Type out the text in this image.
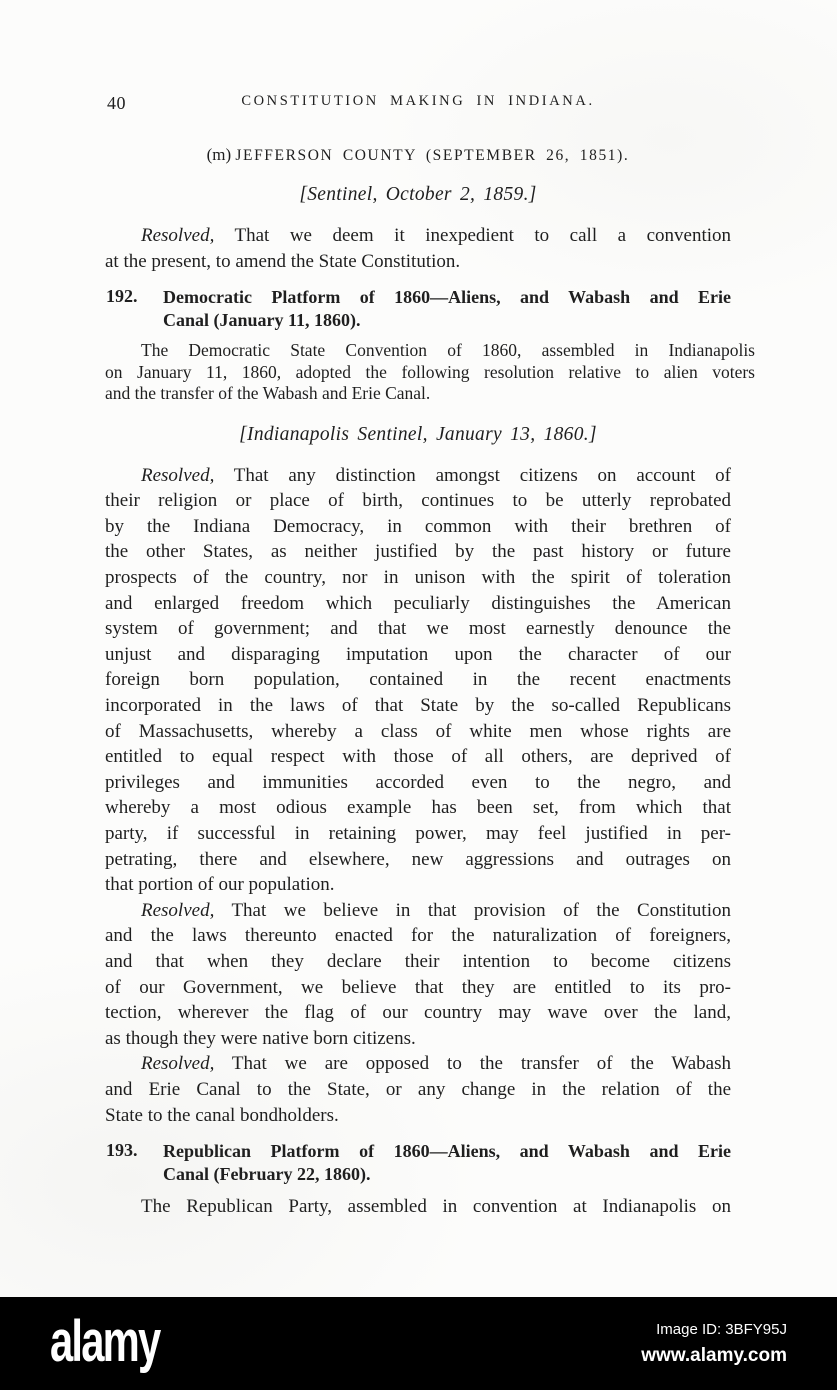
40	CONSTITUTION MAKING IN INDIANA.
(m) JEFFERSON COUNTY (SEPTEMBER 26, 1851).
[Sentinel, October 2, 1859.]
Resolved, That we deem it inexpedient to call a convention
at the present, to amend the State Constitution.
192. Democratic Platform of 1860—Aliens, and Wabash and Erie
Canal (January 11, 1860).
The Democratic State Convention of 1860, assembled in Indianapolis
on January 11, 1860, adopted the following resolution relative to alien voters
and the transfer of the Wabash and Erie Canal.
[Indianapolis Sentinel, January 13, 1860.]
Resolved, That any distinction amongst citizens on account of
their religion or place of birth, continues to be utterly reprobated
by the Indiana Democracy, in common with their brethren of
the other States, as neither justified by the past history or future
prospects of the country, nor in unison with the spirit of toleration
and enlarged freedom which peculiarly distinguishes the American
system of government; and that we most earnestly denounce the
unjust and disparaging imputation upon the character of our
foreign born population, contained in the recent enactments
incorporated in the laws of that State by the so-called Republicans
of Massachusetts, whereby a class of white men whose rights are
entitled to equal respect with those of all others, are deprived of
privileges and immunities accorded even to the negro, and
whereby a most odious example has been set, from which that
party, if successful in retaining power, may feel justified in per-
petrating, there and elsewhere, new aggressions and outrages on
that portion of our population.
Resolved, That we believe in that provision of the Constitution
and the laws thereunto enacted for the naturalization of foreigners,
and that when they declare their intention to become citizens
of our Government, we believe that they are entitled to its pro-
tection, wherever the flag of our country may wave over the land,
as though they were native born citizens.
Resolved, That we are opposed to the transfer of the Wabash
and Erie Canal to the State, or any change in the relation of the
State to the canal bondholders.
193. Republican Platform of 1860—Aliens, and Wabash and Erie
Canal (February 22, 1860).
The Republican Party, assembled in convention at Indianapolis on
alamy	Image ID: 3BFY95J
www.alamy.com
